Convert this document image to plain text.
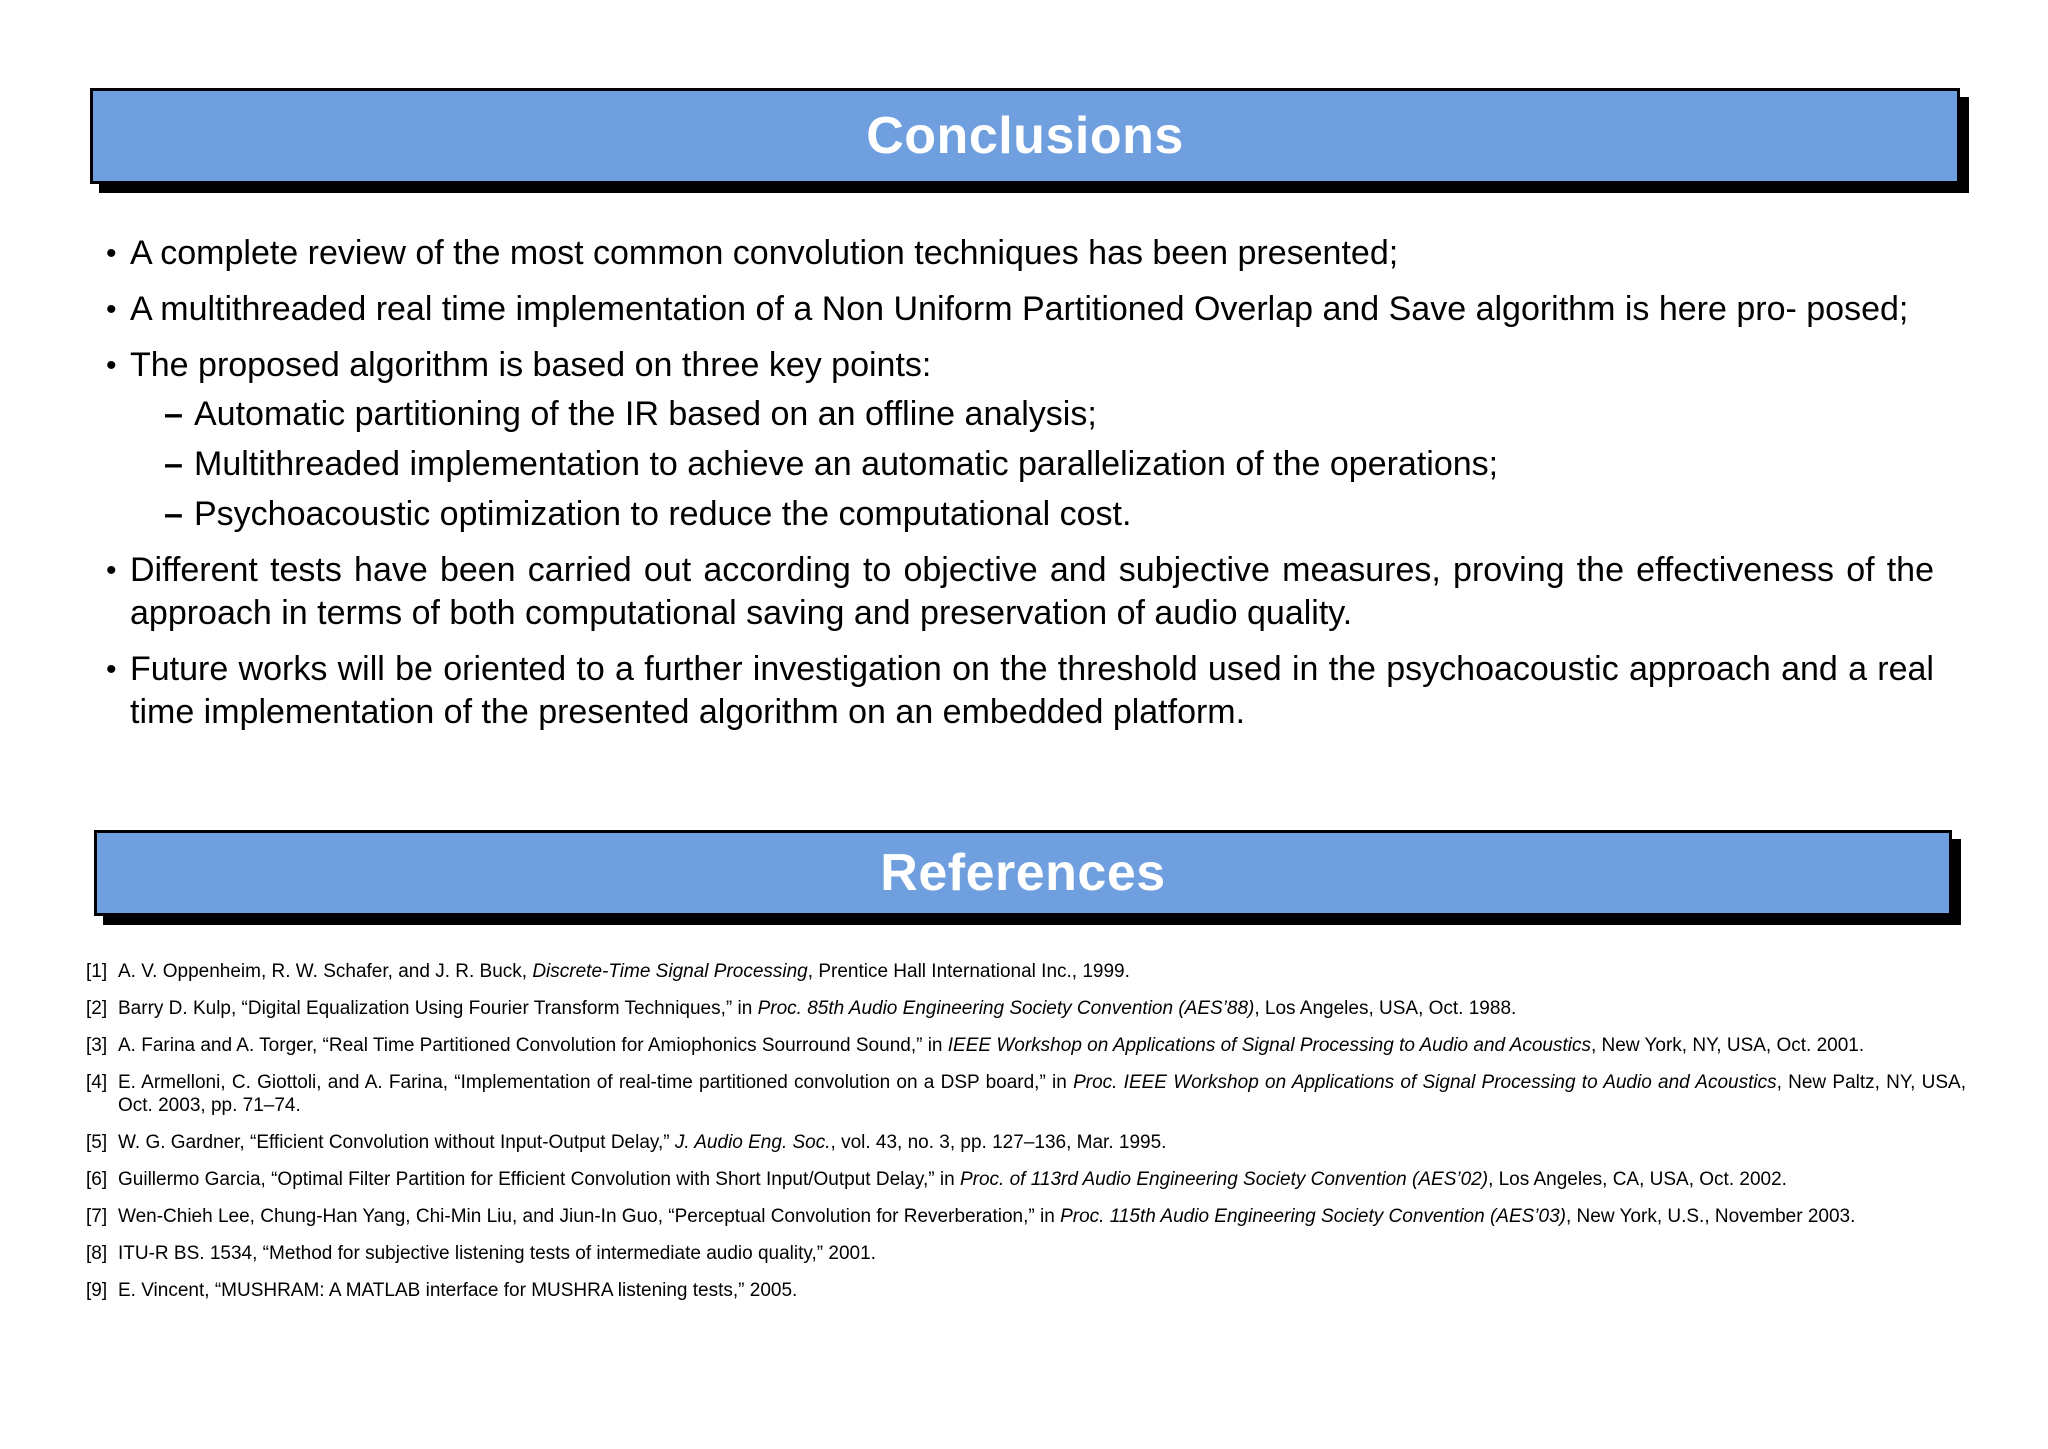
Conclusions
• A complete review of the most common convolution techniques has been presented;
• A multithreaded real time implementation of a Non Uniform Partitioned Overlap and Save algorithm is here pro- posed;
• The proposed algorithm is based on three key points:
– Automatic partitioning of the IR based on an offline analysis;
– Multithreaded implementation to achieve an automatic parallelization of the operations;
– Psychoacoustic optimization to reduce the computational cost.
• Different tests have been carried out according to objective and subjective measures, proving the effectiveness of the approach in terms of both computational saving and preservation of audio quality.
• Future works will be oriented to a further investigation on the threshold used in the psychoacoustic approach and a real time implementation of the presented algorithm on an embedded platform.
References
[1] A. V. Oppenheim, R. W. Schafer, and J. R. Buck, Discrete-Time Signal Processing, Prentice Hall International Inc., 1999.
[2] Barry D. Kulp, “Digital Equalization Using Fourier Transform Techniques,” in Proc. 85th Audio Engineering Society Convention (AES’88), Los Angeles, USA, Oct. 1988.
[3] A. Farina and A. Torger, “Real Time Partitioned Convolution for Amiophonics Sourround Sound,” in IEEE Workshop on Applications of Signal Processing to Audio and Acoustics, New York, NY, USA, Oct. 2001.
[4] E. Armelloni, C. Giottoli, and A. Farina, “Implementation of real-time partitioned convolution on a DSP board,” in Proc. IEEE Workshop on Applications of Signal Processing to Audio and Acoustics, New Paltz, NY, USA, Oct. 2003, pp. 71–74.
[5] W. G. Gardner, “Efficient Convolution without Input-Output Delay,” J. Audio Eng. Soc., vol. 43, no. 3, pp. 127–136, Mar. 1995.
[6] Guillermo Garcia, “Optimal Filter Partition for Efficient Convolution with Short Input/Output Delay,” in Proc. of 113rd Audio Engineering Society Convention (AES’02), Los Angeles, CA, USA, Oct. 2002.
[7] Wen-Chieh Lee, Chung-Han Yang, Chi-Min Liu, and Jiun-In Guo, “Perceptual Convolution for Reverberation,” in Proc. 115th Audio Engineering Society Convention (AES’03), New York, U.S., November 2003.
[8] ITU-R BS. 1534, “Method for subjective listening tests of intermediate audio quality,” 2001.
[9] E. Vincent, “MUSHRAM: A MATLAB interface for MUSHRA listening tests,” 2005.
